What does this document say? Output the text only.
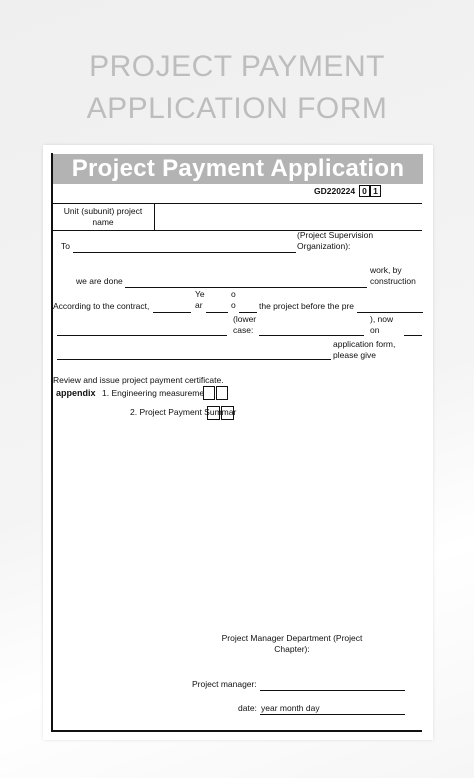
PROJECT PAYMENT
APPLICATION FORM
Project Payment Application
GD220224 0 1
Unit (subunit) project name
To
(Project Supervision Organization):
we are done
work, by construction
According to the contract,
Ye ar
o o	the project before the pre
(lower case:
), now on
application form, please give
Review and issue project payment certificate.
appendix 1. Engineering measureme
2. Project Payment Summar
Project Manager Department (Project Chapter):
Project manager:
date: year month day
